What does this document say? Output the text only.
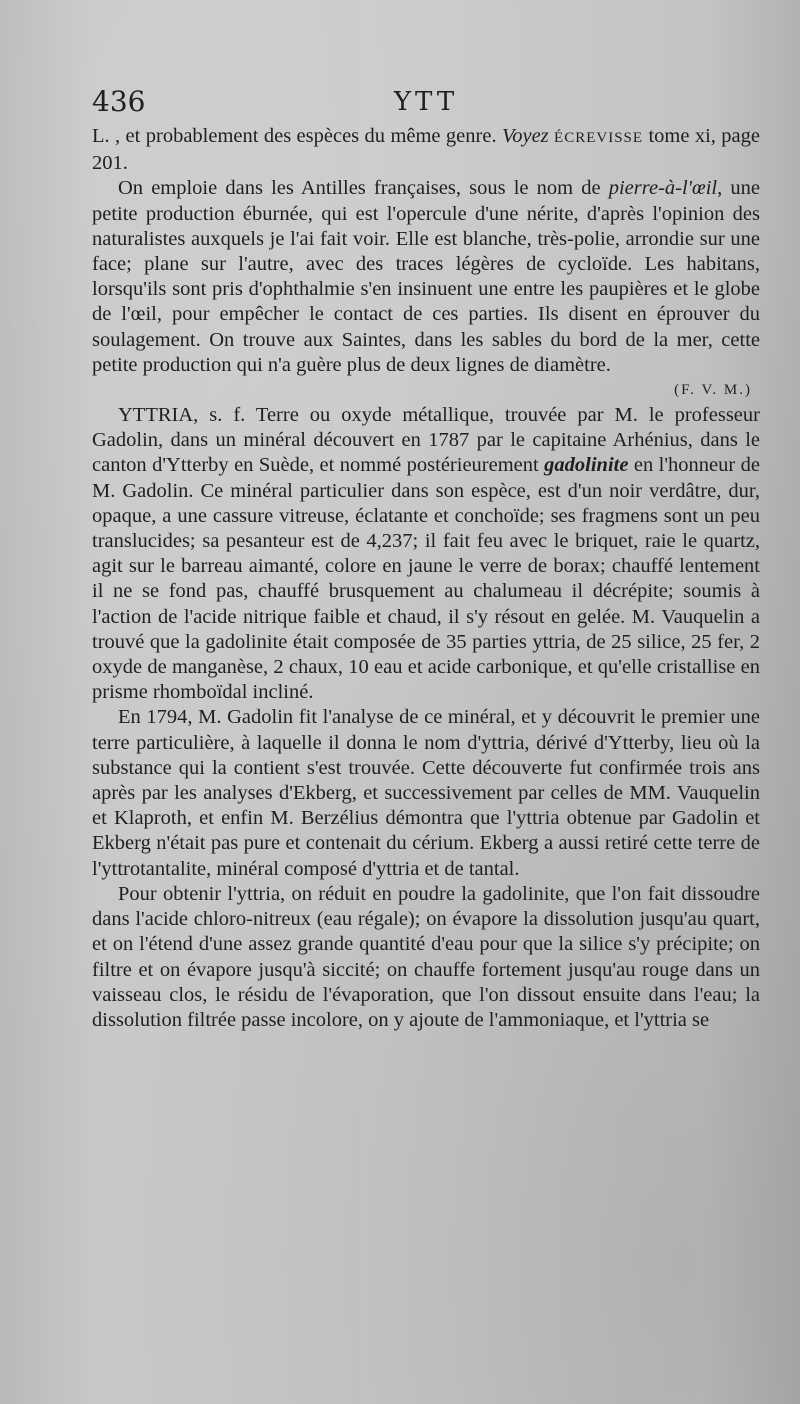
436	YTT

L. , et probablement des espèces du même genre. Voyez ÉCREVISSE tome xi, page 201.

On emploie dans les Antilles françaises, sous le nom de pierre-à-l'œil, une petite production éburnée, qui est l'opercule d'une nérite, d'après l'opinion des naturalistes auxquels je l'ai fait voir. Elle est blanche, très-polie, arrondie sur une face; plane sur l'autre, avec des traces légères de cycloïde. Les habitans, lorsqu'ils sont pris d'ophthalmie s'en insinuent une entre les paupières et le globe de l'œil, pour empêcher le contact de ces parties. Ils disent en éprouver du soulagement. On trouve aux Saintes, dans les sables du bord de la mer, cette petite production qui n'a guère plus de deux lignes de diamètre.

(F. V. M.)

YTTRIA, s. f. Terre ou oxyde métallique, trouvée par M. le professeur Gadolin, dans un minéral découvert en 1787 par le capitaine Arhénius, dans le canton d'Ytterby en Suède, et nommé postérieurement gadolinite en l'honneur de M. Gadolin. Ce minéral particulier dans son espèce, est d'un noir verdâtre, dur, opaque, a une cassure vitreuse, éclatante et conchoïde; ses fragmens sont un peu translucides; sa pesanteur est de 4,237; il fait feu avec le briquet, raie le quartz, agit sur le barreau aimanté, colore en jaune le verre de borax; chauffé lentement il ne se fond pas, chauffé brusquement au chalumeau il décrépite; soumis à l'action de l'acide nitrique faible et chaud, il s'y résout en gelée. M. Vauquelin a trouvé que la gadolinite était composée de 35 parties yttria, de 25 silice, 25 fer, 2 oxyde de manganèse, 2 chaux, 10 eau et acide carbonique, et qu'elle cristallise en prisme rhomboïdal incliné.

En 1794, M. Gadolin fit l'analyse de ce minéral, et y découvrit le premier une terre particulière, à laquelle il donna le nom d'yttria, dérivé d'Ytterby, lieu où la substance qui la contient s'est trouvée. Cette découverte fut confirmée trois ans après par les analyses d'Ekberg, et successivement par celles de MM. Vauquelin et Klaproth, et enfin M. Berzélius démontra que l'yttria obtenue par Gadolin et Ekberg n'était pas pure et contenait du cérium. Ekberg a aussi retiré cette terre de l'yttrotantalite, minéral composé d'yttria et de tantal.

Pour obtenir l'yttria, on réduit en poudre la gadolinite, que l'on fait dissoudre dans l'acide chloro-nitreux (eau régale); on évapore la dissolution jusqu'au quart, et on l'étend d'une assez grande quantité d'eau pour que la silice s'y précipite; on filtre et on évapore jusqu'à siccité; on chauffe fortement jusqu'au rouge dans un vaisseau clos, le résidu de l'évaporation, que l'on dissout ensuite dans l'eau; la dissolution filtrée passe incolore, on y ajoute de l'ammoniaque, et l'yttria se
